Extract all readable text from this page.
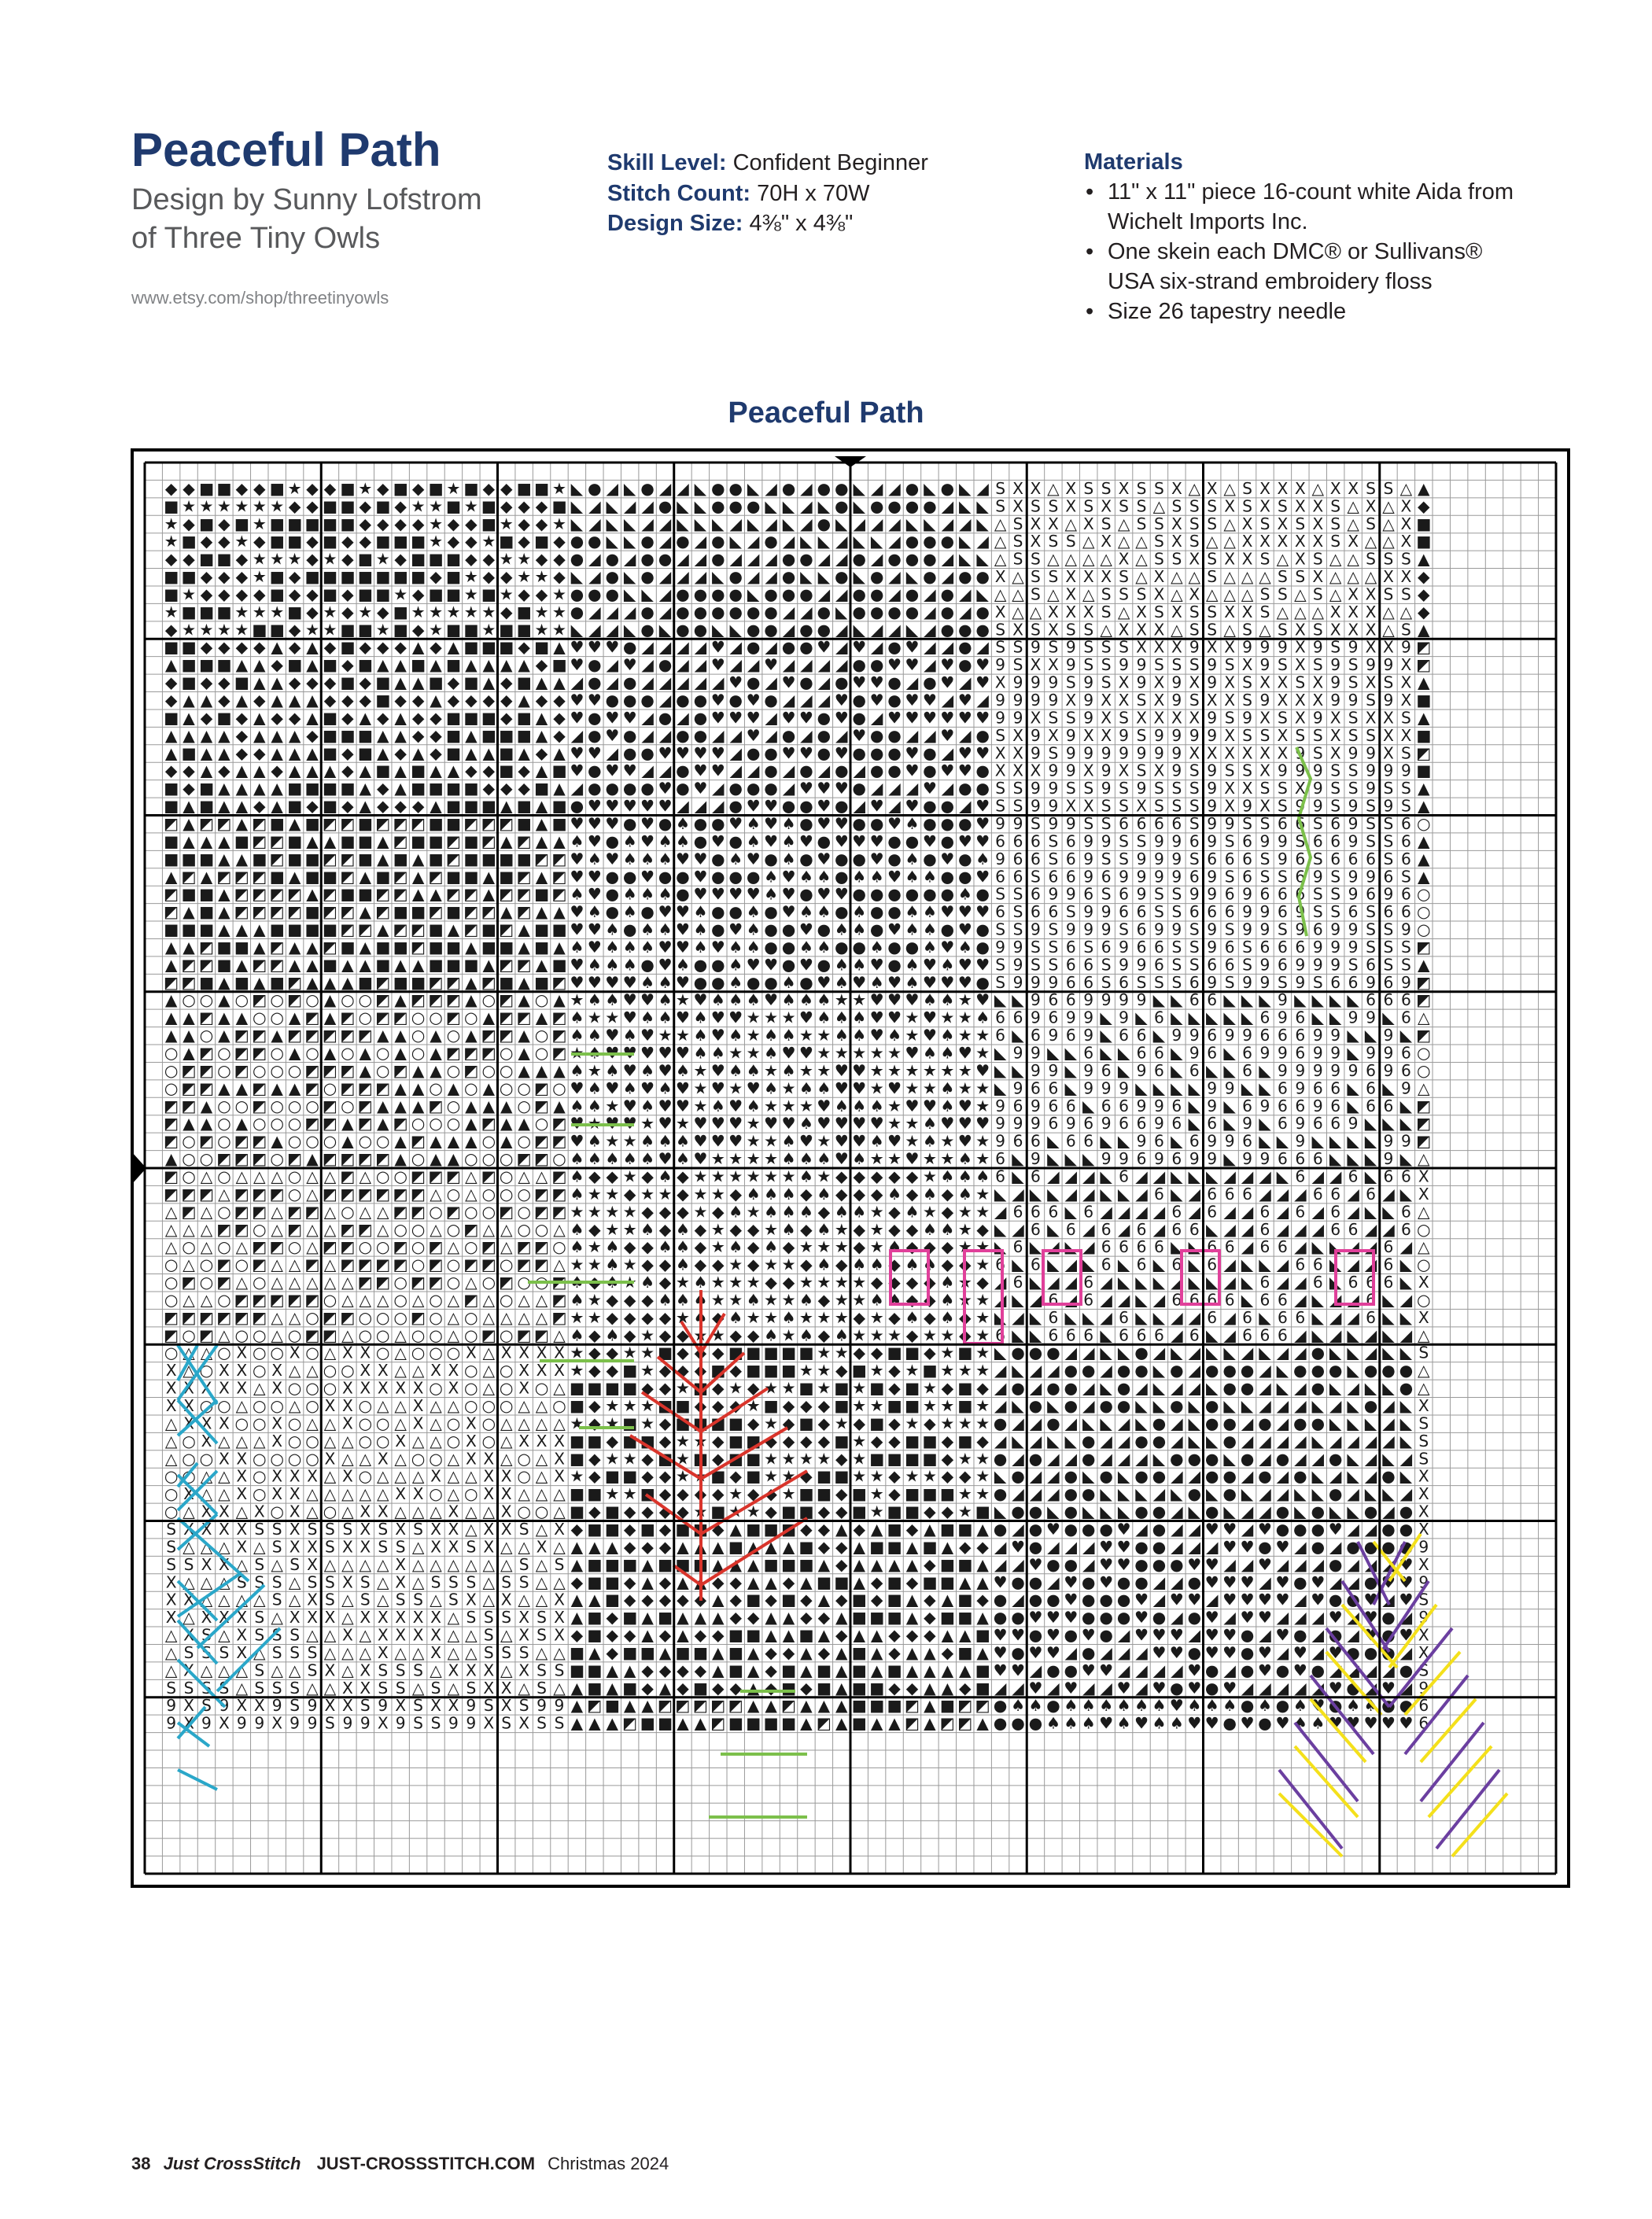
Peaceful Path
Design by Sunny Lofstrom
of Three Tiny Owls
www.etsy.com/shop/threetinyowls
Skill Level: Confident Beginner
Stitch Count: 70H x 70W
Design Size: 4⅜" x 4⅜"
Materials
• 11" x 11" piece 16-count white Aida from Wichelt Imports Inc.
• One skein each DMC® or Sullivans® USA six-strand embroidery floss
• Size 26 tapestry needle
Peaceful Path
◆ ◆ ■ ■ ◆ ◆ ■ ★ ◆ ◆ ■ ★ ◆ ■ ◆ ■ ★ ■ ◆ ◆ ■ ■ ★ ◣ ● ◢ ◣ ● ◢ ◢ ◣ ● ● ◣ ◢ ● ◢ ● ● ◣ ◢ ◢ ● ◣ ● ◣ ◢ S X X △ X S S X S S X △ X △ S X X X △ X X S S △ ▲
■ ★ ★ ★ ★ ★ ★ ◆ ◆ ■ ■ ◆ ■ ◆ ★ ★ ■ ★ ■ ◆ ◆ ◆ ■ ◣ ◢ ◣ ◢ ◢ ● ◣ ◣ ● ● ● ◣ ◣ ◢ ◣ ● ◣ ● ● ● ● ◢ ◣ ◣ S X S S X S X S S △ S S S X S X S X X S △ X △ X ◆
★ ◆ ■ ◆ ■ ★ ■ ■ ■ ■ ■ ◆ ◆ ◆ ◆ ★ ◆ ◆ ■ ★ ◆ ◆ ★ ◣ ◢ ◣ ◣ ◢ ◢ ◣ ◣ ◣ ◢ ◣ ◢ ◣ ◢ ● ◣ ◢ ◢ ◢ ◣ ◣ ◢ ◢ ◣ △ S X X △ X S △ S S X S S △ X S X S X S △ S △ X ■
★ ■ ◆ ◆ ★ ◆ ■ ■ ◆ ■ ◆ ◆ ■ ■ ■ ★ ◆ ◆ ★ ■ ◆ ■ ◆ ● ● ◣ ◣ ● ◢ ● ◢ ● ◣ ◢ ● ◢ ◣ ◣ ◢ ◣ ◣ ◢ ● ● ● ◣ ◢ △ S X S S △ X △ △ S X S △ △ X X X X X S X △ △ X ■
◆ ◆ ■ ■ ◆ ★ ★ ★ ◆ ★ ◆ ■ ★ ◆ ■ ■ ■ ◆ ◆ ★ ★ ◆ ◆ ● ◢ ● ◢ ● ● ◢ ◢ ● ◢ ◢ ◢ ● ● ◢ ◢ ● ◢ ● ● ● ◢ ◣ ◣ △ S S △ △ △ △ X △ S S X S X X S △ X S △ △ S S S ▲
■ ■ ◆ ◆ ◆ ★ ■ ◆ ■ ■ ■ ■ ■ ■ ■ ◆ ■ ★ ◆ ◆ ★ ★ ◆ ◣ ◢ ● ◣ ● ◢ ◢ ◢ ◣ ● ◢ ◢ ● ◣ ◣ ● ◣ ● ◢ ◣ ● ◢ ● ● X △ S S X X X S △ X △ △ S △ △ △ S S X △ △ △ X X ◆
■ ★ ◆ ◆ ◆ ◆ ■ ◆ ◆ ■ ◆ ■ ■ ★ ◆ ■ ■ ★ ■ ★ ◆ ◆ ★ ● ● ● ◣ ◣ ◢ ● ● ● ● ◣ ● ● ● ◢ ◢ ● ● ◢ ● ◢ ● ◢ ◣ △ △ S △ X △ S S S X △ X △ △ △ S S △ S △ X X S S ◆
★ ■ ■ ■ ★ ★ ★ ■ ◆ ★ ◆ ★ ◆ ■ ★ ★ ★ ★ ★ ◆ ■ ★ ★ ● ◢ ◢ ◢ ● ◢ ● ● ● ● ● ● ◢ ◢ ● ◣ ● ● ● ● ◢ ● ◢ ● X △ △ X X X S △ X S X S S X X S △ △ △ X X X △ △ ◆
◆ ★ ★ ★ ★ ■ ■ ◆ ★ ★ ■ ■ ★ ■ ◆ ★ ■ ■ ★ ■ ■ ★ ★ ◣ ◢ ◢ ◣ ● ◣ ● ● ◣ ◣ ● ● ◢ ● ● ◢ ◣ ◢ ◢ ◣ ◢ ● ● ● S X S X S S △ X X X △ S S △ S △ S X S X X X △ S ▲
■ ■ ◆ ◆ ◆ ◆ ▲ ◆ ▲ ◆ ■ ◆ ◆ ◆ ▲ ◆ ▲ ■ ■ ■ ◆ ■ ▲ ♥ ♥ ♥ ● ◢ ◢ ◢ ◢ ♥ ◢ ● ◢ ● ● ♥ ◢ ♥ ◢ ● ♥ ◢ ◢ ● ◢ S S 9 S 9 S S S X X X 9 X X 9 9 9 X 9 S 9 X X 9 ◩
▲ ■ ■ ■ ▲ ▲ ◆ ■ ▲ ■ ◆ ■ ▲ ▲ ■ ▲ ■ ▲ ▲ ▲ ▲ ◆ ■ ♥ ● ◢ ♥ ◢ ● ◢ ◢ ♥ ◢ ◢ ♥ ◢ ◢ ◢ ◢ ● ● ♥ ♥ ◢ ♥ ● ♥ 9 S X X 9 S S 9 9 S S S 9 S X 9 S X S 9 S 9 9 X ◩
◆ ■ ◆ ◆ ■ ▲ ▲ ◆ ◆ ◆ ■ ◆ ■ ▲ ▲ ■ ◆ ■ ▲ ◆ ■ ▲ ▲ ◢ ● ◢ ● ◢ ◢ ◢ ◢ ◢ ♥ ● ◢ ♥ ● ◢ ● ♥ ♥ ● ◢ ● ♥ ◢ ♥ X 9 9 9 S 9 S X 9 X 9 X 9 X S X X S X 9 S X S X ▲
◆ ▲ ▲ ◆ ▲ ◆ ▲ ▲ ▲ ◆ ◆ ◆ ■ ◆ ◆ ▲ ◆ ◆ ◆ ◆ ▲ ◆ ◆ ♥ ♥ ● ● ● ◢ ● ● ♥ ● ♥ ● ◢ ◢ ◢ ♥ ● ♥ ● ♥ ♥ ◢ ♥ ◢ 9 9 9 9 X 9 X X S X 9 S X X S 9 X X X 9 9 S 9 X ■
■ ▲ ◆ ■ ◆ ▲ ◆ ◆ ▲ ■ ◆ ▲ ◆ ▲ ◆ ◆ ■ ■ ■ ◆ ■ ▲ ◆ ♥ ● ♥ ♥ ◢ ● ◢ ● ♥ ♥ ♥ ◢ ♥ ♥ ● ♥ ● ◢ ♥ ♥ ♥ ♥ ♥ ♥ 9 9 X S S 9 X S X X X X 9 S 9 X S X 9 X S X X S ▲
▲ ▲ ▲ ▲ ◆ ▲ ▲ ▲ ◆ ■ ■ ■ ▲ ▲ ◆ ◆ ■ ▲ ■ ■ ■ ▲ ◆ ◢ ● ♥ ● ◢ ◢ ● ● ◢ ◢ ♥ ◢ ● ◢ ● ◢ ♥ ● ● ◢ ◢ ♥ ◢ ● S X 9 X 9 X X 9 S 9 9 9 9 X S S X S S X S S X X ■
▲ ■ ▲ ▲ ◆ ◆ ▲ ▲ ▲ ■ ◆ ■ ▲ ◆ ▲ ◆ ■ ▲ ▲ ■ ▲ ◆ ▲ ♥ ♥ ◢ ● ● ♥ ♥ ♥ ♥ ◢ ● ● ♥ ♥ ● ♥ ● ● ● ♥ ● ◢ ♥ ♥ X X 9 S 9 9 9 9 9 9 9 X X X X X X 9 S X 9 9 X S ◩
◆ ◆ ▲ ◆ ▲ ▲ ◆ ▲ ▲ ▲ ◆ ▲ ■ ▲ ■ ▲ ▲ ◆ ◆ ■ ◆ ▲ ■ ♥ ● ♥ ♥ ◢ ◢ ● ♥ ♥ ◢ ◢ ● ◢ ● ◢ ● ◢ ● ● ♥ ● ♥ ♥ ● X X X 9 9 X 9 X S X 9 S 9 S S X 9 9 9 S S 9 9 9 ■
■ ◆ ■ ▲ ▲ ▲ ▲ ■ ■ ■ ■ ▲ ◆ ▲ ■ ■ ■ ■ ◆ ◆ ◆ ■ ▲ ◢ ● ● ● ● ♥ ● ♥ ◢ ● ● ● ◢ ♥ ♥ ♥ ● ◢ ◢ ◢ ♥ ◢ ● ● S S 9 9 S S 9 S 9 S S S 9 X X S S X 9 S S 9 S S ▲
■ ▲ ■ ▲ ▲ ◆ ▲ ■ ◆ ■ ◆ ▲ ◆ ◆ ◆ ▲ ■ ■ ■ ▲ ■ ▲ ■ ● ♥ ♥ ♥ ♥ ♥ ◢ ◢ ◢ ● ♥ ♥ ● ● ♥ ● ◢ ♥ ◢ ♥ ● ● ◢ ♥ S S 9 9 X X S S X S S S 9 X 9 X S 9 9 S 9 S 9 S ▲
◩ ▲ ◩ ◩ ▲ ◩ ■ ▲ ■ ◩ ◩ ■ ◩ ◩ ◩ ■ ■ ◩ ◩ ◩ ■ ▲ ■ ♥ ♥ ♥ ● ♥ ● ♠ ● ● ♥ ♠ ♥ ♠ ● ♥ ♥ ● ● ♥ ♠ ● ● ● ♥ 9 9 S 9 9 S S 6 6 6 6 S 9 9 S S 6 6 S 6 9 S S 6 ○
■ ▲ ▲ ▲ ■ ◩ ◩ ■ ▲ ▲ ■ ■ ▲ ◩ ■ ■ ◩ ■ ◩ ▲ ◩ ▲ ▲ ♠ ♥ ● ♠ ♥ ♠ ♠ ● ♥ ● ♠ ♥ ♠ ♥ ● ♥ ♥ ♥ ● ● ♥ ● ♥ ♥ 6 6 6 S 6 9 9 S S 9 9 6 9 S 6 9 9 S 6 6 9 S S 6 ▲
■ ■ ■ ▲ ▲ ■ ◩ ■ ■ ◩ ◩ ■ ▲ ■ ▲ ■ ◩ ■ ■ ■ ■ ◩ ◩ ♥ ♠ ♥ ♠ ♠ ♠ ♥ ♥ ● ♠ ♥ ● ♠ ● ♥ ● ● ♥ ● ♠ ● ♥ ● ♠ 9 6 6 S 6 9 S S 9 9 9 S 6 6 6 S 9 6 S 6 6 6 S 6 ▲
▲ ◩ ▲ ◩ ◩ ◩ ■ ▲ ■ ■ ◩ ▲ ■ ◩ ▲ ◩ ■ ■ ▲ ■ ◩ ▲ ◩ ♥ ♥ ● ● ♥ ● ● ♥ ● ● ● ♠ ♥ ♠ ♠ ● ♠ ♠ ♥ ♠ ♠ ● ● ♥ 6 6 S 6 6 9 6 9 9 9 9 6 9 S 6 S S 6 9 S 9 9 6 S ▲
◩ ■ ■ ▲ ◩ ◩ ◩ ◩ ▲ ◩ ■ ■ ◩ ◩ ▲ ▲ ◩ ◩ ▲ ◩ ◩ ■ ◩ ♠ ♥ ● ♠ ♠ ♠ ● ♥ ♥ ♥ ♥ ♠ ♥ ● ♥ ♥ ● ● ● ● ● ● ♠ ● S S 6 9 9 6 S 6 9 S S 9 9 6 9 6 6 6 S S 9 6 9 6 ○
◩ ▲ ■ ▲ ◩ ◩ ◩ ◩ ■ ◩ ◩ ▲ ◩ ■ ■ ◩ ■ ◩ ◩ ▲ ◩ ▲ ▲ ♥ ♠ ● ♠ ● ♥ ♥ ♠ ● ● ♠ ● ♥ ♠ ♠ ● ♠ ● ● ♠ ♠ ♥ ♥ ♥ 6 S 6 6 S 9 9 6 6 S S 6 6 6 9 9 6 9 S S 6 S 6 6 ○
■ ■ ■ ▲ ▲ ▲ ■ ■ ■ ■ ◩ ◩ ▲ ◩ ◩ ■ ▲ ◩ ■ ◩ ▲ ■ ■ ♥ ♥ ♠ ● ♠ ♠ ♥ ♠ ● ♥ ♠ ● ● ♥ ● ♠ ♠ ● ♥ ♠ ♠ ● ♥ ● S S 9 S 9 9 9 S 6 9 9 S 9 S 9 9 S 9 6 9 9 S S 9 ○
▲ ▲ ◩ ■ ■ ▲ ◩ ▲ ▲ ◩ ■ ▲ ■ ■ ◩ ■ ■ ▲ ■ ■ ▲ ■ ▲ ♠ ♥ ♠ ♠ ♠ ♥ ♥ ♠ ♥ ♠ ♠ ● ● ♠ ♠ ● ● ♠ ● ● ♠ ♥ ♠ ● 9 9 S S 6 S 6 9 6 6 S S 9 6 S 6 6 6 9 9 9 S S S ◩
▲ ◩ ◩ ■ ▲ ◩ ◩ ▲ ▲ ■ ▲ ▲ ■ ▲ ▲ ■ ■ ■ ▲ ◩ ◩ ▲ ■ ♥ ♠ ♠ ♠ ● ♥ ♠ ● ● ♠ ♥ ♥ ● ♥ ● ♠ ♠ ♥ ● ♠ ♥ ♠ ♥ ♥ S 9 S S 6 6 S 9 9 6 S S 6 6 S 9 6 9 9 9 S 6 S S ▲
◩ ◩ ■ ▲ ■ ▲ ■ ◩ ▲ ▲ ▲ ■ ◩ ■ ■ ◩ ◩ ▲ ◩ ■ ▲ ■ ◩ ♥ ♥ ♥ ♥ ♠ ♠ ♥ ● ● ♠ ● ● ♠ ● ♥ ♠ ♥ ♠ ♥ ♠ ♥ ♥ ♥ ● S 9 9 9 6 6 S 6 S S S 6 9 S 9 9 S 9 S 6 6 9 6 9 ◩
▲ ○ ○ ▲ ○ ◩ ○ ◩ ○ ▲ ○ ○ ◩ ▲ ◩ ◩ ◩ ▲ ○ ◩ ▲ ○ ▲ ★ ♠ ♠ ♥ ♥ ♠ ★ ♥ ♠ ♠ ♠ ♥ ♠ ♠ ♠ ★ ★ ♥ ♥ ♥ ♠ ♠ ★ ♥ ◣ ◣ 9 6 6 9 9 9 9 ◣ ◣ 6 6 ◣ ◣ ◣ 9 ◣ ◣ ◣ ◣ 6 6 6 ◩
▲ ▲ ◩ ▲ ▲ ○ ○ ▲ ◩ ▲ ◩ ○ ◩ ◩ ○ ○ ◩ ○ ▲ ◩ ◩ ▲ ◩ ♠ ★ ★ ♥ ♠ ♠ ♥ ♠ ♥ ♥ ★ ★ ★ ♥ ♠ ♠ ♠ ♥ ♥ ★ ♥ ★ ★ ♠ 6 6 9 6 9 9 ◣ 9 ◣ 6 ◣ ◣ ◣ ◣ ◣ 6 9 6 ◣ ◣ 9 9 ◣ 6 △
▲ ▲ ○ ▲ ◩ ◩ ▲ ◩ ◩ ◩ ◩ ◩ ▲ ▲ ○ ▲ ○ ▲ ◩ ◩ ▲ ○ ◩ ♠ ♠ ♥ ♠ ♥ ★ ★ ♠ ♥ ♠ ★ ♠ ♠ ★ ★ ♠ ♠ ♥ ♠ ★ ♥ ♠ ★ ★ 6 ◣ 6 9 6 9 ◣ 6 6 ◣ 9 9 6 9 9 6 6 6 9 9 ◣ ◣ 9 ◣ ◩
○ ▲ ◩ ○ ◩ ◩ ○ ▲ ○ ▲ ○ ▲ ○ ▲ ○ ▲ ◩ ◩ ◩ ○ ▲ ○ ◩	♥ ♥ ♥ ♠ ♠ ★ ★ ♠ ♥ ♥ ★ ★ ★ ★ ★ ♥ ♠ ♠ ♥ ★ ◣ 9 9 ◣ ◣ 6 ◣ ◣ 6 6 ◣ 9 6 ◣ 6 9 9 6 9 9 ◣ 9 9 6 ○
○ ◩ ◩ ○ ◩ ○ ○ ○ ◩ ◩ ◩ ▲ ○ ◩ ▲ ▲ ○ ◩ ○ ○ ▲ ▲ ▲ ♠ ★ ♠ ♥ ♠ ♥ ♠ ★ ♥ ♠ ♠ ★ ♠ ★ ★ ♥ ♥ ★ ★ ★ ★ ★ ★ ♥ ◣ ◣ 9 9 ◣ 9 6 ◣ 9 6 ◣ 6 ◣ ◣ 6 ◣ 9 9 9 9 9 6 9 6 ○
○ ◩ ◩ ▲ ▲ ◩ ▲ ▲ ◩ ○ ◩ ◩ ◩ ▲ ▲ ○ ▲ ○ ▲ ○ ○ ◩ ○ ♥ ♠ ♥ ♠ ♥ ♠ ♥ ★ ♥ ★ ♥ ♠ ★ ♠ ♠ ♥ ♥ ★ ♥ ★ ★ ♠ ★ ★ ◣ 9 6 6 ◣ 9 9 9 ◣ ◣ ◣ ◣ 9 9 ◣ ◣ 6 9 6 6 ◣ 6 ◣ 9 △
◩ ◩ ▲ ○ ○ ◩ ○ ○ ○ ◩ ○ ◩ ▲ ▲ ▲ ◩ ○ ▲ ▲ ▲ ○ ◩ ▲ ♠ ♠ ★ ♥ ♠ ♥ ♥ ★ ♠ ♥ ♠ ★ ★ ★ ♥ ♠ ♠ ♠ ★ ♥ ♥ ♠ ♥ ★ 9 6 9 6 6 ◣ 6 6 9 9 6 ◣ 9 ◣ 6 9 6 6 9 6 ◣ 6 6 ◣ ◩
◩ ▲ ▲ ○ ▲ ○ ○ ○ ◩ ◩ ▲ ◩ ▲ ◩ ○ ○ ○ ▲ ◩ ▲ ▲ ○ ◩	★ ♥ ★ ♥ ♥ ♥ ★ ♥ ♥ ♠ ♥ ♥ ♥ ♥ ★ ★ ♠ ♥ ♥ ♥ 9 9 9 6 9 6 9 6 6 9 6 ◣ 6 ◣ 9 ◣ 6 9 6 6 9 ◣ ◣ ◣ ◩
◩ ○ ◩ ○ ◩ ◩ ▲ ○ ○ ○ ▲ ○ ○ ▲ ◩ ▲ ▲ ▲ ○ ▲ ○ ◩ ◩ ♥ ♠ ★ ★ ♠ ♠ ♠ ♥ ♥ ♥ ★ ★ ♠ ♥ ★ ♥ ♥ ♠ ♥ ★ ♠ ★ ♥ ★ 9 6 6 ◣ 6 6 ◣ ◣ 9 6 ◣ 6 9 9 6 ◣ ◣ 9 ◣ ◣ ◣ ◣ 9 9 ◩
▲ ○ ○ ◩ ◩ ◩ ○ ◩ ▲ ◩ ◩ ◩ ◩ ▲ ○ ▲ ▲ ○ ○ ○ ◩ ◩ ○ ♠ ♠ ♠ ♠ ♠ ♥ ♠ ♥ ★ ★ ★ ★ ♠ ♠ ♠ ♥ ♠ ★ ★ ♥ ★ ★ ♠ ★ 6 ◣ 9 ◣ ◣ ◣ 9 9 6 9 6 9 9 ◣ 9 9 6 6 6 ◣ ◣ ◣ 9 ◣ △
◩ ○ △ ○ △ △ △ ○ △ △ ◩ △ ○ ○ ◩ ◩ ◩ △ ◩ ○ △ △ ◩ ♠ ◆ ◆ ★ ◆ ♠ ◆ ★ ★ ★ ★ ★ ★ ♠ ★ ◆ ◆ ◆ ◆ ◆ ★ ♠ ♠ ♠ 6 ◣ 6 ◢ ◢ ◢ ◣ 6 ◢ ◢ ◣ ◣ ◣ ◢ ◢ ◢ ◣ 6 ◢ ◢ 6 ◣ 6 6 X
◩ ◩ ◩ △ ◩ ◩ ◩ ○ △ ◩ ◩ ◩ ◩ ◩ ◩ △ ○ △ ○ ○ ○ ◩ ◩ ♠ ★ ★ ◆ ★ ★ ◆ ★ ★ ◆ ♠ ♠ ♠ ◆ ♠ ◆ ◆ ◆ ♠ ◆ ♠ ◆ ♠ ★ ◣ ◢ ◣ ◣ ◢ ◢ ◣ ◣ ◢ 6 ◣ ◢ 6 6 6 ◢ ◢ ◢ 6 6 ◢ 6 ◢ ◣ X
△ ◩ △ ○ ◩ ◩ △ ◩ ◩ △ ○ △ △ ◩ ◩ ○ ◩ ○ ○ ◩ ○ ◩ ◩ ★ ★ ★ ★ ◆ ◆ ◆ ★ ◆ ♠ ★ ♠ ♠ ♠ ◆ ♠ ♠ ★ ◆ ♠ ★ ◆ ★ ★ ◢ 6 6 6 ◣ 6 ◢ ◢ ◢ ◢ 6 ◢ 6 ◢ ◢ 6 ◢ 6 ◢ 6 ◢ ◣ ◣ 6 △
△ △ △ ◩ ◩ ○ △ ◩ △ △ ◩ ◩ △ ○ ○ △ ○ ◩ △ △ ○ ○ △ ♠ ◆ ★ ★ ♠ ◆ ♠ ◆ ★ ◆ ◆ ★ ♠ ◆ ♠ ★ ◆ ★ ◆ ◆ ♠ ♠ ★ ◆ ◣ ◢ 6 ◣ 6 ◢ 6 ◢ 6 ◢ 6 6 ◣ ◢ ◢ 6 ◢ ◢ ◢ 6 6 ◢ ◢ 6 ○
△ ○ △ ○ △ ◩ ◩ ○ △ ◩ ◩ ○ ○ ◩ ○ ◩ △ ○ ◩ △ ◩ ◩ ○ ♠ ★ ♠ ◆ ◆ ♠ ♠ ◆ ★ ♠ ◆ ♠ ◆ ★ ★ ★ ◆ ★ ♠ ◆ ◆ ◆ ★ ★ ◣ 6 ◣ ◢ ◣ ◢ 6 6 6 6 ◣ ◣ 6 6 ◢ 6 6 ◢ ◣ ◣ ◢ ◢ 6 ◢ △
○ △ ○ ◩ ○ ◩ △ △ ◩ △ ◩ ◩ ◩ ◩ ○ ◩ ○ ◩ ◩ ○ ◩ ◩ △ ★ ★ ♠ ★ ◆ ◆ ♠ ◆ ◆ ★ ◆ ★ ★ ◆ ♠ ◆ ♠ ♠ ◆ ♠ ♠ ◆ ◆ ★ 6 ◣ 6 ◣ ◢ ◣ 6 ◣ 6 ◣ 6 ◣ 6 ◢ ◣ ◣ ◢ 6 6 ◣ ◢ ◢ 6 ◣ ○
○ ◩ ○ ◩ △ ○ △ △ △ △ △ ◩ ◩ ○ ◩ ◩ ○ △ ○ ◩ ○ ○ ◩ ♠ ♠ ★ ♠ ◆ ★ ♠ ★ ★ ★ ◆ ◆ ★ ★ ★ ★ ◆ ◆ ◆ ◆ ♠ ★ ◆ ◢ 6 ◣ ◢ ◢ 6 ◢ ◣ ◣ ◣ ◢ ◣ ◣ ◢ ◣ 6 ◢ ◢ 6 ◣ 6 6 6 ◣ X
○ △ △ ○ ◩ ◩ ◩ ◩ ◩ ○ △ △ △ ○ △ ○ △ ◩ △ ○ △ △ ◩ ♠ ★ ◆ ◆ ◆ ♠ ♠ ♠ ★ ★ ♠ ★ ★ ♠ ◆ ★ ★ ♠ ♠ ◆ ◆ ♠ ★ ★ ◢ ◣ ◢ 6 ◢ 6 ◢ ◢ ◣ ◢ 6 6 6 6 ◣ 6 6 ◢ ◣ ◢ ◢ 6 ◣ ◢ ○
◩ ◩ ◩ ◩ ◩ ◩ △ △ ○ ◩ ◩ ○ ○ ○ ◩ ○ △ ○ △ △ △ △ ◩ ★ ★ ◆ ◆ ◆ ◆ ★ ♠ ◆ ♠ ★ ★ ♠ ★ ★ ★ ◆ ★ ◆ ♠ ◆ ♠ ◆ ★ ◣ ◢ ◣ 6 ◣ ◣ ◢ 6 ◣ ◣ ◢ ◢ 6 ◢ 6 ◣ 6 6 ◣ ◢ ◢ 6 ◣ ◣ X
◩ ○ ◩ △ ○ ○ △ ○ ◩ ◩ △ ○ ○ △ ○ ○ △ ○ ◩ ○ ◩ ◩ △ ♠ ◆ ♠ ◆ ★ ◆ ◆ ★ ★ ◆ ◆ ♠ ★ ♠ ◆ ♠ ★ ★ ★ ◆ ★ ★ ◆ ★ 6 ◣ ◣ 6 6 6 ◣ 6 6 6 ◢ 6 ◣ ◢ 6 6 6 ◢ ◣ ◢ ◣ ◢ ◣ ◢ △
○ △ △ ○ X ○ ○ X ○ △ X X ○ △ ○ ○ ○ X △ X X X X ★ ◆ ◆ ★ ★ ■ ◆ ◆ ◆ ■ ■ ■ ■ ■ ★ ★ ◆ ◆ ■ ■ ◆ ★ ■ ★ ◣ ● ● ● ◢ ◢ ◣ ◣ ● ◢ ◣ ◢ ◣ ◣ ◢ ◣ ◢ ◢ ● ◣ ◣ ◢ ◣ ◣ S
X △ ○ X X ○ X △ △ ○ ○ X X △ △ X X ○ △ ○ X X X ★ ◆ ◆ ■ ★ ◆ ◆ ◆ ■ ◆ ■ ■ ■ ★ ★ ◆ ■ ★ ◆ ★ ■ ★ ★ ★ ◢ ◣ ◢ ◢ ● ● ◢ ● ● ◣ ● ◢ ● ● ● ◢ ◣ ● ● ● ◣ ● ● ● △
X X X X X △ X ○ ○ ○ X X X X X ○ X ○ △ ○ X ○ △ ■ ■ ■ ■ ◆ ◆ ★ ■ ◆ ★ ◆ ★ ★ ■ ★ ■ ★ ■ ◆ ■ ★ ◆ ■ ◆ ◢ ● ◢ ● ● ◢ ◣ ● ◢ ◣ ◢ ◢ ◣ ● ● ◢ ◣ ◢ ● ◣ ◢ ◣ ◣ ● △
X X ○ ○ △ ○ ○ △ ○ X X ○ △ △ X △ △ ○ ○ ○ △ △ ○ ■ ◆ ★ ★ ★ ■ ■ ◆ ◆ ◆ ★ ■ ◆ ◆ ◆ ■ ★ ★ ■ ■ ★ ★ ■ ★ ◢ ◣ ● ◣ ● ◢ ● ● ◣ ◣ ● ◣ ● ◣ ◣ ◢ ◢ ◢ ◣ ◢ ◣ ● ◢ ◣ X
△ X X X ○ ○ X ○ △ △ X ○ ○ △ X △ ○ X ○ △ △ △ △ ★ ◆ ★ ■ ★ ◆ ■ ■ ■ ■ ◆ ★ ◆ ■ ◆ ★ ◆ ■ ◆ ★ ◆ ★ ★ ★ ● ◢ ◢ ● ◢ ◣ ◣ ◢ ◣ ● ◢ ◣ ● ● ◢ ● ◢ ● ● ◣ ◣ ◣ ◢ ◣ S
△ ○ X △ △ △ X ○ ○ △ △ ○ ○ X △ △ ○ X ○ △ X X X ■ ■ ◆ ■ ■ ◆ ★ ★ ◆ ■ ■ ◆ ◆ ◆ ◆ ■ ★ ◆ ◆ ■ ■ ◆ ■ ◆ ◢ ◣ ◢ ◣ ◣ ● ◢ ◢ ● ● ◢ ◣ ◣ ● ◢ ◢ ◢ ◢ ◣ ◢ ◢ ◢ ◢ ◣ S
△ ○ ○ X X ○ ○ ○ ○ X △ △ X △ ○ ○ △ X X △ ○ △ X ■ ◆ ★ ★ ◆ ■ ★ ■ ◆ ■ ■ ★ ★ ★ ★ ◆ ★ ■ ■ ■ ■ ◆ ★ ★ ● ◢ ● ◢ ◢ ● ◢ ◢ ◢ ◣ ● ● ● ◣ ● ◢ ● ◢ ◢ ● ◣ ◢ ◣ ◢ S
○ ○ △ △ X ○ X X X △ X ○ △ △ △ X △ △ X X ○ △ X ★ ◆ ■ ■ ◆ ◆ ★ ★ ■ ◆ ■ ★ ★ ◆ ■ ■ ★ ★ ◆ ★ ★ ◆ ◆ ★ ◣ ● ◢ ◢ ● ◣ ● ◣ ● ● ◢ ◢ ● ● ◢ ● ◢ ● ◣ ◢ ◣ ◢ ● ◣ X
○ X △ △ X ○ X X △ △ △ △ △ X X ○ △ ○ X X △ △ △ ■ ■ ★ ★ ■ ◆ ◆ ◆ ◆ ★ ◆ ◆ ★ ■ ■ ◆ ■ ★ ◆ ■ ■ ■ ★ ★ ● ◢ ◢ ◢ ● ● ◣ ◣ ◣ ◢ ◣ ● ◣ ● ◣ ◢ ◢ ◣ ◣ ● ◢ ◣ ◣ ◢ X
○ △ X X △ X ○ X △ ○ △ X X △ △ △ X △ △ X ○ ○ △ ■ ◆ ■ ◆ ◆ ◆ ◆ ★ ■ ★ ★ ◆ ■ ■ ◆ ◆ ■ ★ ■ ■ ◆ ◆ ★ ■ ◣ ● ● ◣ ● ◣ ◣ ◣ ● ● ◢ ◣ ● ◣ ◢ ◢ ● ◣ ● ◣ ◣ ● ◢ ● X
S X X X X S S X S S S X S X S X X △ X X S △ X ◆ ■ ■ ◆ ■ ◆ ■ ■ ◆ ▲ ■ ■ ■ ◆ ◆ ▲ ◆ ▲ ■ ◆ ▲ ■ ■ ▲ ● ◢ ● ♥ ● ● ● ♥ ◢ ● ◢ ◢ ♥ ♥ ◢ ♥ ● ● ● ♥ ◢ ◢ ● ● X
S △ △ △ X △ S X X S X X S S △ X X S X △ △ X △ ▲ ▲ ▲ ◆ ◆ ◆ ▲ ▲ ▲ ■ ▲ ▲ ▲ ■ ◆ ◆ ▲ ■ ■ ▲ ■ ▲ ◆ ◆ ◢ ♥ ● ◢ ◢ ◢ ♥ ♥ ● ● ◢ ◢ ◢ ♥ ♥ ● ♥ ◢ ● ◢ ● ● ● ● 9
S S X X △ S △ S X △ △ △ △ X △ △ △ △ △ △ S △ S ▲ ■ ■ ■ ▲ ■ ■ ■ ▲ ▲ ▲ ■ ■ ■ ▲ ◆ ▲ ▲ ▲ ▲ ◆ ■ ■ ▲ ◢ ◢ ♥ ● ● ◢ ♥ ♥ ● ● ● ♥ ♥ ◢ ◢ ♥ ◢ ◢ ◢ ● ◢ ◢ ◢ ♥ X
X △ △ △ S S S △ S S X S △ X △ S S S △ S S △ △ ◆ ■ ■ ◆ ▲ ◆ ▲ ▲ ◆ ◆ ▲ ▲ ◆ ▲ ■ ■ ▲ ◆ ■ ◆ ■ ■ ▲ ▲ ♥ ● ● ◢ ♥ ● ♥ ● ● ◢ ◢ ● ♥ ♥ ♥ ◢ ♥ ● ♥ ◢ ◢ ● ♥ ♥ 9
X X △ △ △ △ S △ X S △ S △ S S △ S X △ X △ △ X ▲ ▲ ■ ◆ ◆ ◆ ◆ ◆ ▲ ◆ ■ ◆ ■ ◆ ▲ ◆ ■ ◆ ■ ▲ ◆ ▲ ■ ◆ ● ◢ ● ● ♥ ● ● ● ♥ ◢ ♥ ♥ ◢ ♥ ♥ ♥ ♥ ◢ ♥ ● ● ♥ ◢ ♥ S
X △ X X X S △ X X X △ X X X X X △ S S S X S X ▲ ■ ◆ ■ ▲ ■ ▲ ▲ ▲ ◆ ◆ ▲ ▲ ◆ ◆ ▲ ■ ■ ■ ▲ ◆ ■ ■ ▲ ● ● ♥ ♥ ♥ ● ● ● ♥ ● ◢ ● ♥ ◢ ♥ ♥ ◢ ◢ ◢ ♥ ◢ ♥ ● ◢ 9
△ X S △ X S S S △ △ X △ X X X X △ △ S △ X S X ◆ ■ ◆ ◆ ▲ ◆ ▲ ◆ ◆ ■ ■ ▲ ▲ ■ ▲ ◆ ▲ ▲ ◆ ◆ ◆ ▲ ▲ ■ ♥ ♥ ● ♥ ● ♥ ● ◢ ♥ ♥ ♥ ◢ ♥ ♥ ● ◢ ♥ ● ◢ ● ◢ ♥ ● ♥ X
△ S S S X △ S S S △ △ △ X △ △ X △ △ S S S △ △ ■ ▲ ◆ ■ ■ ▲ ■ ■ ▲ ■ ▲ ◆ ◆ ▲ ◆ ▲ ■ ▲ ◆ ▲ ▲ ◆ ■ ▲ ♥ ● ♥ ♥ ◢ ● ◢ ◢ ◢ ♥ ♥ ● ♥ ♥ ● ♥ ◢ ♥ ◢ ♥ ● ● ● ◢ X
△ X △ △ △ S △ △ S X △ X S S S △ X X X △ X S S ■ ■ ▲ ▲ ◆ ◆ ◆ ◆ ▲ ■ ▲ ◆ ■ ▲ ■ ▲ ■ ▲ ■ ▲ ▲ ▲ ▲ ■ ♥ ♥ ◢ ● ● ♥ ♥ ◢ ◢ ◢ ◢ ♥ ● ◢ ● ♥ ● ♥ ● ◢ ◢ ◢ ◢ ● S
S S S S △ S S S △ △ X X S S △ S △ S X X △ S △ ▲ ■ ▲ ■ ◆ ▲ ◆ ■ ◆ ◆ ▲ ◆ ■ ◆ ■ ▲ ■ ■ ◆ ◆ ▲ ▲ ◆ ■ ◢ ◢ ♥ ◢ ♥ ◢ ◢ ♥ ◢ ♥ ● ♥ ● ♥ ◢ ◢ ◢ ◢ ◢ ♥ ● ◢ ♥ ◢ 9
9 X S 9 X X 9 S 9 X X S 9 X S X X 9 S X S 9 9 ▲ ◩ ■ ▲ ▲ ◩ ◩ ◩ ◩ ◩ ▲ ▲ ◩ ▲ ▲ ▲ ■ ■ ■ ◩ ▲ ■ ◩ ◩ ● ♠ ♠ ● ♠ ♠ ♠ ♠ ♠ ♠ ♥ ♠ ♠ ♠ ● ♠ ● ♠ ♥ ● ♠ ♠ ● ● 6
9 X 9 X 9 9 X 9 9 S 9 9 X 9 S S 9 9 X S X S S ▲ ▲ ▲ ◩ ■ ■ ▲ ▲ ◩ ■ ■ ■ ■ ▲ ◩ ▲ ■ ▲ ▲ ◩ ▲ ◩ ◩ ▲ ● ● ● ♠ ♠ ♠ ♥ ♠ ♥ ♠ ♠ ♥ ♥ ● ♥ ● ♥ ♠ ♠ ♥ ♥ ♥ ♥ ♥ 6
38 Just CrossStitch JUST-CROSSSTITCH.COM Christmas 2024
